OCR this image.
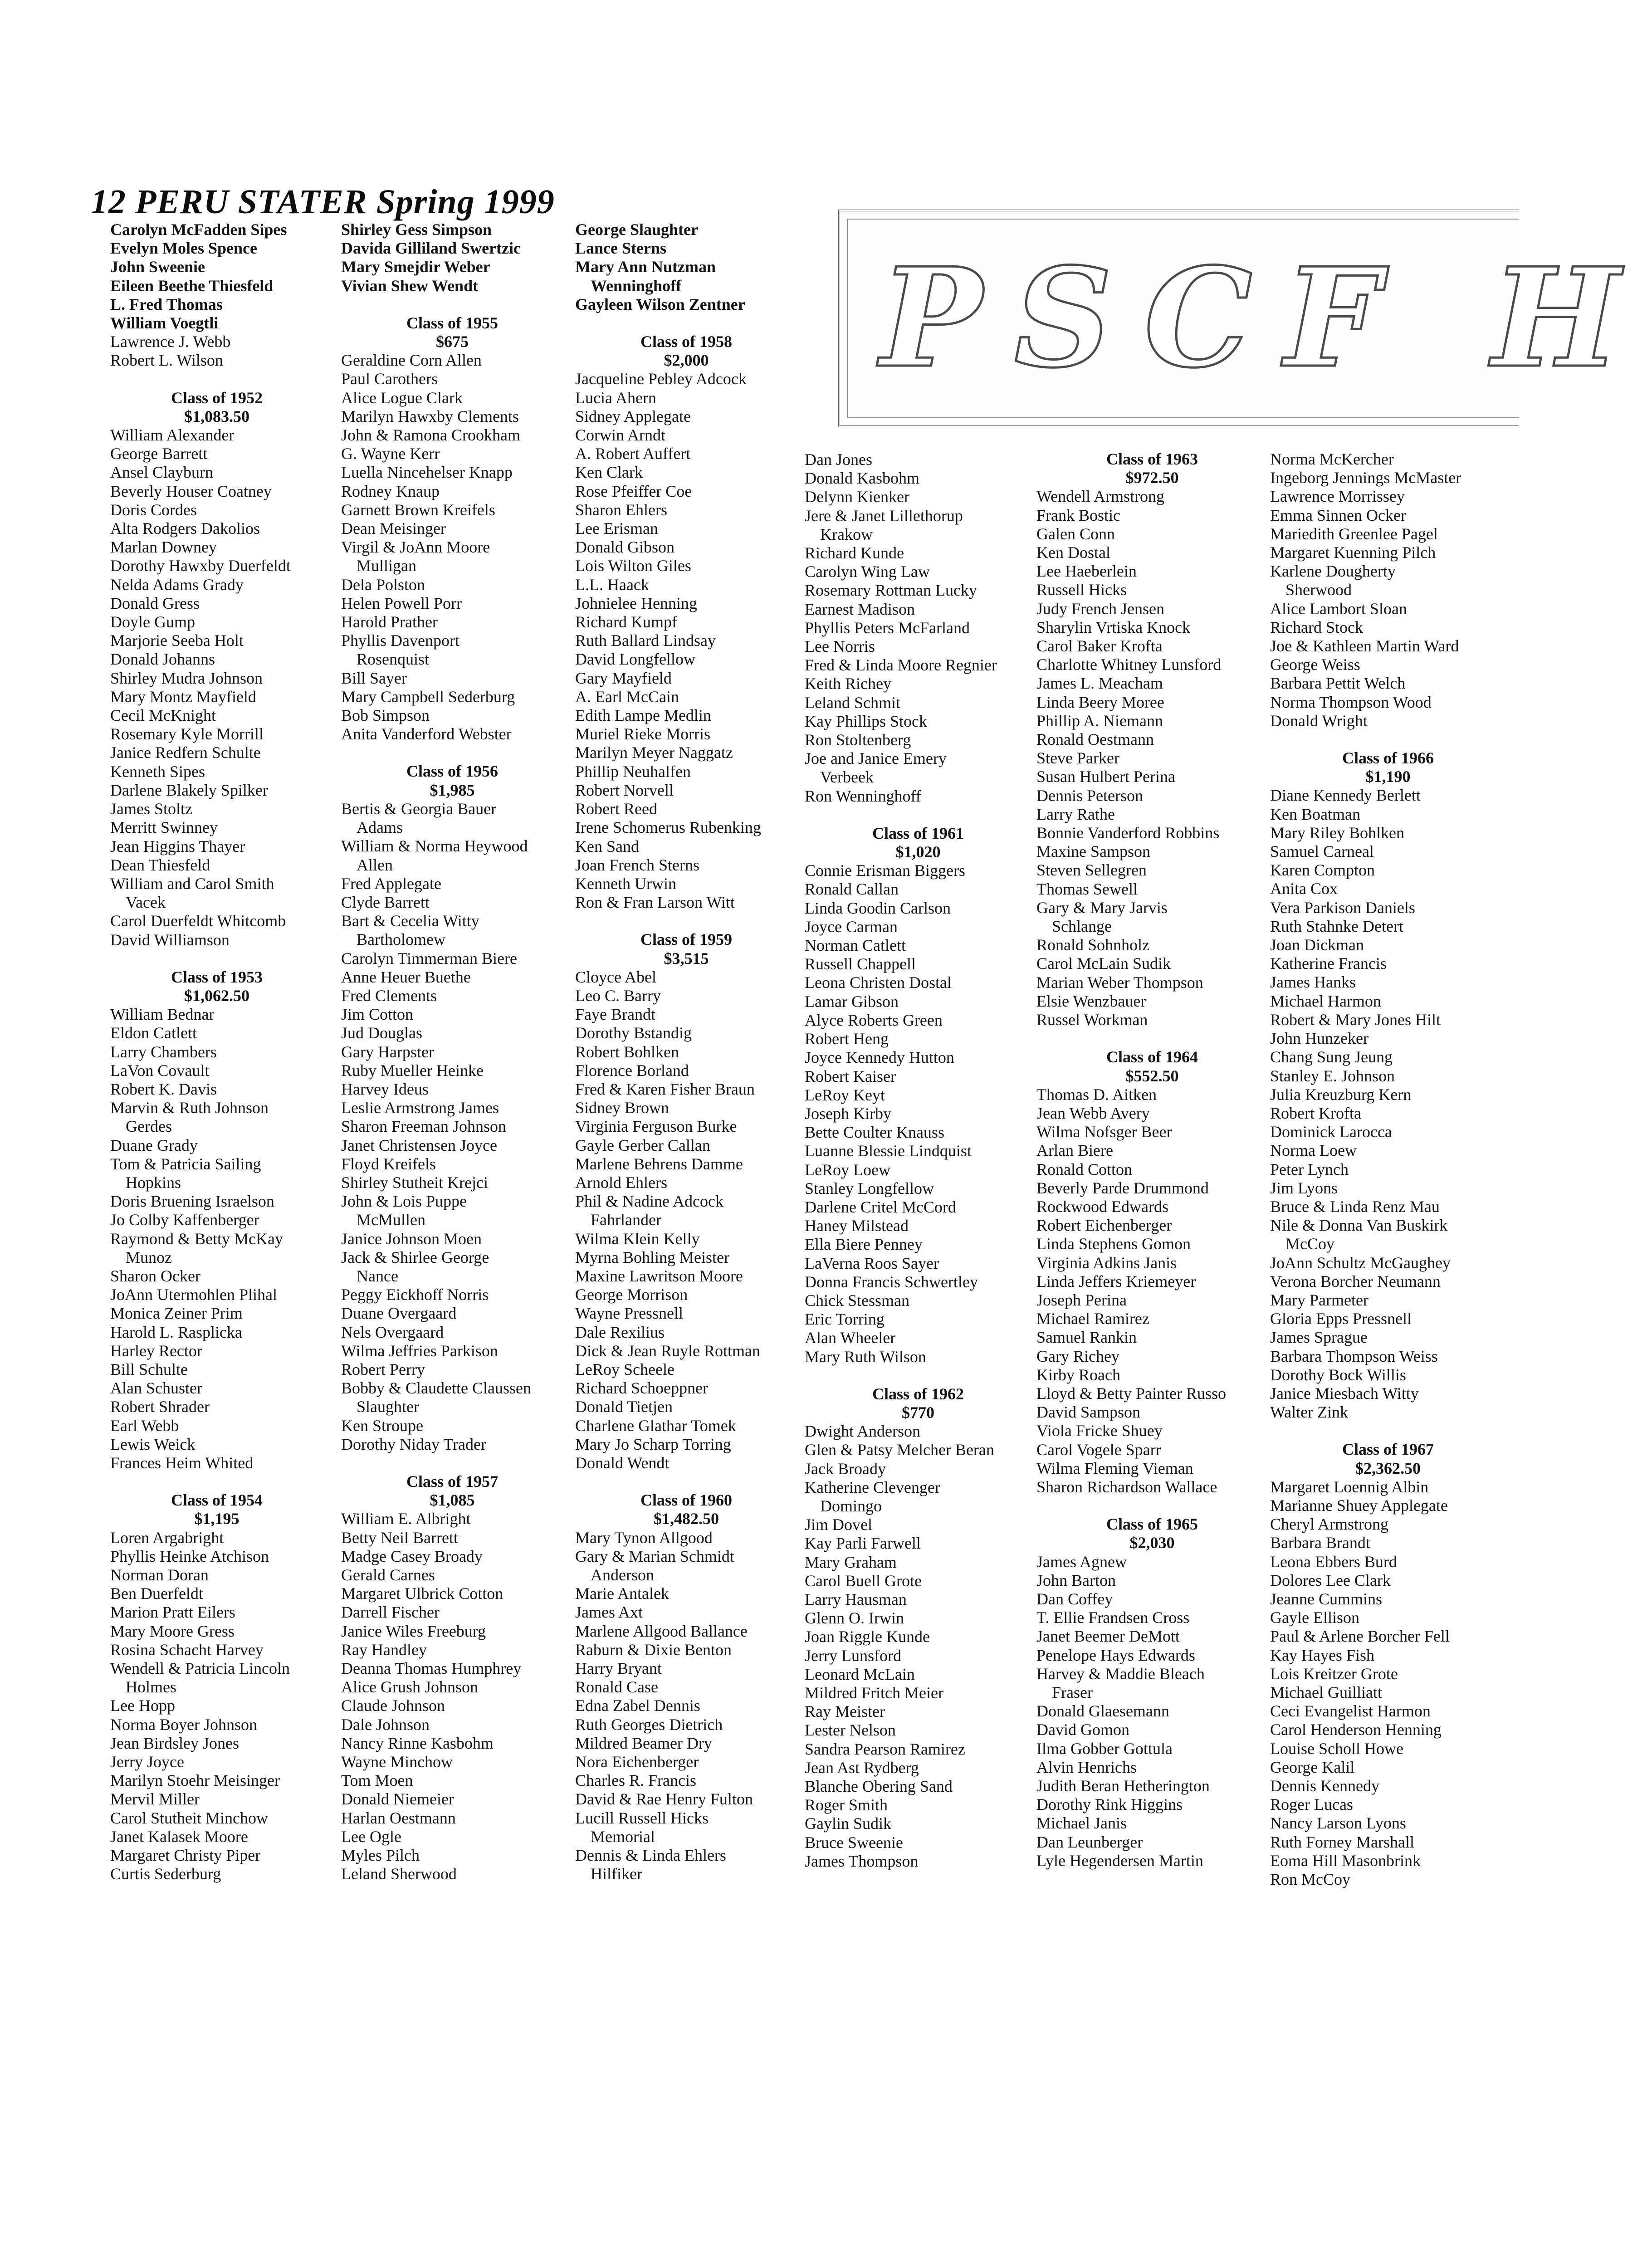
12 PERU STATER Spring 1999
PSCF H
Carolyn McFadden Sipes
Evelyn Moles Spence
John Sweenie
Eileen Beethe Thiesfeld
L. Fred Thomas
William Voegtli
Lawrence J. Webb
Robert L. Wilson
Class of 1952
$1,083.50
William Alexander
George Barrett
Ansel Clayburn
Beverly Houser Coatney
Doris Cordes
Alta Rodgers Dakolios
Marlan Downey
Dorothy Hawxby Duerfeldt
Nelda Adams Grady
Donald Gress
Doyle Gump
Marjorie Seeba Holt
Donald Johanns
Shirley Mudra Johnson
Mary Montz Mayfield
Cecil McKnight
Rosemary Kyle Morrill
Janice Redfern Schulte
Kenneth Sipes
Darlene Blakely Spilker
James Stoltz
Merritt Swinney
Jean Higgins Thayer
Dean Thiesfeld
William and Carol Smith
Vacek
Carol Duerfeldt Whitcomb
David Williamson
Class of 1953
$1,062.50
William Bednar
Eldon Catlett
Larry Chambers
LaVon Covault
Robert K. Davis
Marvin & Ruth Johnson
Gerdes
Duane Grady
Tom & Patricia Sailing
Hopkins
Doris Bruening Israelson
Jo Colby Kaffenberger
Raymond & Betty McKay
Munoz
Sharon Ocker
JoAnn Utermohlen Plihal
Monica Zeiner Prim
Harold L. Rasplicka
Harley Rector
Bill Schulte
Alan Schuster
Robert Shrader
Earl Webb
Lewis Weick
Frances Heim Whited
Class of 1954
$1,195
Loren Argabright
Phyllis Heinke Atchison
Norman Doran
Ben Duerfeldt
Marion Pratt Eilers
Mary Moore Gress
Rosina Schacht Harvey
Wendell & Patricia Lincoln
Holmes
Lee Hopp
Norma Boyer Johnson
Jean Birdsley Jones
Jerry Joyce
Marilyn Stoehr Meisinger
Mervil Miller
Carol Stutheit Minchow
Janet Kalasek Moore
Margaret Christy Piper
Curtis Sederburg
Shirley Gess Simpson
Davida Gilliland Swertzic
Mary Smejdir Weber
Vivian Shew Wendt
Class of 1955
$675
Geraldine Corn Allen
Paul Carothers
Alice Logue Clark
Marilyn Hawxby Clements
John & Ramona Crookham
G. Wayne Kerr
Luella Nincehelser Knapp
Rodney Knaup
Garnett Brown Kreifels
Dean Meisinger
Virgil & JoAnn Moore
Mulligan
Dela Polston
Helen Powell Porr
Harold Prather
Phyllis Davenport
Rosenquist
Bill Sayer
Mary Campbell Sederburg
Bob Simpson
Anita Vanderford Webster
Class of 1956
$1,985
Bertis & Georgia Bauer
Adams
William & Norma Heywood
Allen
Fred Applegate
Clyde Barrett
Bart & Cecelia Witty
Bartholomew
Carolyn Timmerman Biere
Anne Heuer Buethe
Fred Clements
Jim Cotton
Jud Douglas
Gary Harpster
Ruby Mueller Heinke
Harvey Ideus
Leslie Armstrong James
Sharon Freeman Johnson
Janet Christensen Joyce
Floyd Kreifels
Shirley Stutheit Krejci
John & Lois Puppe
McMullen
Janice Johnson Moen
Jack & Shirlee George
Nance
Peggy Eickhoff Norris
Duane Overgaard
Nels Overgaard
Wilma Jeffries Parkison
Robert Perry
Bobby & Claudette Claussen
Slaughter
Ken Stroupe
Dorothy Niday Trader
Class of 1957
$1,085
William E. Albright
Betty Neil Barrett
Madge Casey Broady
Gerald Carnes
Margaret Ulbrick Cotton
Darrell Fischer
Janice Wiles Freeburg
Ray Handley
Deanna Thomas Humphrey
Alice Grush Johnson
Claude Johnson
Dale Johnson
Nancy Rinne Kasbohm
Wayne Minchow
Tom Moen
Donald Niemeier
Harlan Oestmann
Lee Ogle
Myles Pilch
Leland Sherwood
George Slaughter
Lance Sterns
Mary Ann Nutzman
Wenninghoff
Gayleen Wilson Zentner
Class of 1958
$2,000
Jacqueline Pebley Adcock
Lucia Ahern
Sidney Applegate
Corwin Arndt
A. Robert Auffert
Ken Clark
Rose Pfeiffer Coe
Sharon Ehlers
Lee Erisman
Donald Gibson
Lois Wilton Giles
L.L. Haack
Johnielee Henning
Richard Kumpf
Ruth Ballard Lindsay
David Longfellow
Gary Mayfield
A. Earl McCain
Edith Lampe Medlin
Muriel Rieke Morris
Marilyn Meyer Naggatz
Phillip Neuhalfen
Robert Norvell
Robert Reed
Irene Schomerus Rubenking
Ken Sand
Joan French Sterns
Kenneth Urwin
Ron & Fran Larson Witt
Class of 1959
$3,515
Cloyce Abel
Leo C. Barry
Faye Brandt
Dorothy Bstandig
Robert Bohlken
Florence Borland
Fred & Karen Fisher Braun
Sidney Brown
Virginia Ferguson Burke
Gayle Gerber Callan
Marlene Behrens Damme
Arnold Ehlers
Phil & Nadine Adcock
Fahrlander
Wilma Klein Kelly
Myrna Bohling Meister
Maxine Lawritson Moore
George Morrison
Wayne Pressnell
Dale Rexilius
Dick & Jean Ruyle Rottman
LeRoy Scheele
Richard Schoeppner
Donald Tietjen
Charlene Glathar Tomek
Mary Jo Scharp Torring
Donald Wendt
Class of 1960
$1,482.50
Mary Tynon Allgood
Gary & Marian Schmidt
Anderson
Marie Antalek
James Axt
Marlene Allgood Ballance
Raburn & Dixie Benton
Harry Bryant
Ronald Case
Edna Zabel Dennis
Ruth Georges Dietrich
Mildred Beamer Dry
Nora Eichenberger
Charles R. Francis
David & Rae Henry Fulton
Lucill Russell Hicks
Memorial
Dennis & Linda Ehlers
Hilfiker
Dan Jones
Donald Kasbohm
Delynn Kienker
Jere & Janet Lillethorup
Krakow
Richard Kunde
Carolyn Wing Law
Rosemary Rottman Lucky
Earnest Madison
Phyllis Peters McFarland
Lee Norris
Fred & Linda Moore Regnier
Keith Richey
Leland Schmit
Kay Phillips Stock
Ron Stoltenberg
Joe and Janice Emery
Verbeek
Ron Wenninghoff
Class of 1961
$1,020
Connie Erisman Biggers
Ronald Callan
Linda Goodin Carlson
Joyce Carman
Norman Catlett
Russell Chappell
Leona Christen Dostal
Lamar Gibson
Alyce Roberts Green
Robert Heng
Joyce Kennedy Hutton
Robert Kaiser
LeRoy Keyt
Joseph Kirby
Bette Coulter Knauss
Luanne Blessie Lindquist
LeRoy Loew
Stanley Longfellow
Darlene Critel McCord
Haney Milstead
Ella Biere Penney
LaVerna Roos Sayer
Donna Francis Schwertley
Chick Stessman
Eric Torring
Alan Wheeler
Mary Ruth Wilson
Class of 1962
$770
Dwight Anderson
Glen & Patsy Melcher Beran
Jack Broady
Katherine Clevenger
Domingo
Jim Dovel
Kay Parli Farwell
Mary Graham
Carol Buell Grote
Larry Hausman
Glenn O. Irwin
Joan Riggle Kunde
Jerry Lunsford
Leonard McLain
Mildred Fritch Meier
Ray Meister
Lester Nelson
Sandra Pearson Ramirez
Jean Ast Rydberg
Blanche Obering Sand
Roger Smith
Gaylin Sudik
Bruce Sweenie
James Thompson
Class of 1963
$972.50
Wendell Armstrong
Frank Bostic
Galen Conn
Ken Dostal
Lee Haeberlein
Russell Hicks
Judy French Jensen
Sharylin Vrtiska Knock
Carol Baker Krofta
Charlotte Whitney Lunsford
James L. Meacham
Linda Beery Moree
Phillip A. Niemann
Ronald Oestmann
Steve Parker
Susan Hulbert Perina
Dennis Peterson
Larry Rathe
Bonnie Vanderford Robbins
Maxine Sampson
Steven Sellegren
Thomas Sewell
Gary & Mary Jarvis
Schlange
Ronald Sohnholz
Carol McLain Sudik
Marian Weber Thompson
Elsie Wenzbauer
Russel Workman
Class of 1964
$552.50
Thomas D. Aitken
Jean Webb Avery
Wilma Nofsger Beer
Arlan Biere
Ronald Cotton
Beverly Parde Drummond
Rockwood Edwards
Robert Eichenberger
Linda Stephens Gomon
Virginia Adkins Janis
Linda Jeffers Kriemeyer
Joseph Perina
Michael Ramirez
Samuel Rankin
Gary Richey
Kirby Roach
Lloyd & Betty Painter Russo
David Sampson
Viola Fricke Shuey
Carol Vogele Sparr
Wilma Fleming Vieman
Sharon Richardson Wallace
Class of 1965
$2,030
James Agnew
John Barton
Dan Coffey
T. Ellie Frandsen Cross
Janet Beemer DeMott
Penelope Hays Edwards
Harvey & Maddie Bleach
Fraser
Donald Glaesemann
David Gomon
Ilma Gobber Gottula
Alvin Henrichs
Judith Beran Hetherington
Dorothy Rink Higgins
Michael Janis
Dan Leunberger
Lyle Hegendersen Martin
Norma McKercher
Ingeborg Jennings McMaster
Lawrence Morrissey
Emma Sinnen Ocker
Mariedith Greenlee Pagel
Margaret Kuenning Pilch
Karlene Dougherty
Sherwood
Alice Lambort Sloan
Richard Stock
Joe & Kathleen Martin Ward
George Weiss
Barbara Pettit Welch
Norma Thompson Wood
Donald Wright
Class of 1966
$1,190
Diane Kennedy Berlett
Ken Boatman
Mary Riley Bohlken
Samuel Carneal
Karen Compton
Anita Cox
Vera Parkison Daniels
Ruth Stahnke Detert
Joan Dickman
Katherine Francis
James Hanks
Michael Harmon
Robert & Mary Jones Hilt
John Hunzeker
Chang Sung Jeung
Stanley E. Johnson
Julia Kreuzburg Kern
Robert Krofta
Dominick Larocca
Norma Loew
Peter Lynch
Jim Lyons
Bruce & Linda Renz Mau
Nile & Donna Van Buskirk
McCoy
JoAnn Schultz McGaughey
Verona Borcher Neumann
Mary Parmeter
Gloria Epps Pressnell
James Sprague
Barbara Thompson Weiss
Dorothy Bock Willis
Janice Miesbach Witty
Walter Zink
Class of 1967
$2,362.50
Margaret Loennig Albin
Marianne Shuey Applegate
Cheryl Armstrong
Barbara Brandt
Leona Ebbers Burd
Dolores Lee Clark
Jeanne Cummins
Gayle Ellison
Paul & Arlene Borcher Fell
Kay Hayes Fish
Lois Kreitzer Grote
Michael Guilliatt
Ceci Evangelist Harmon
Carol Henderson Henning
Louise Scholl Howe
George Kalil
Dennis Kennedy
Roger Lucas
Nancy Larson Lyons
Ruth Forney Marshall
Eoma Hill Masonbrink
Ron McCoy
